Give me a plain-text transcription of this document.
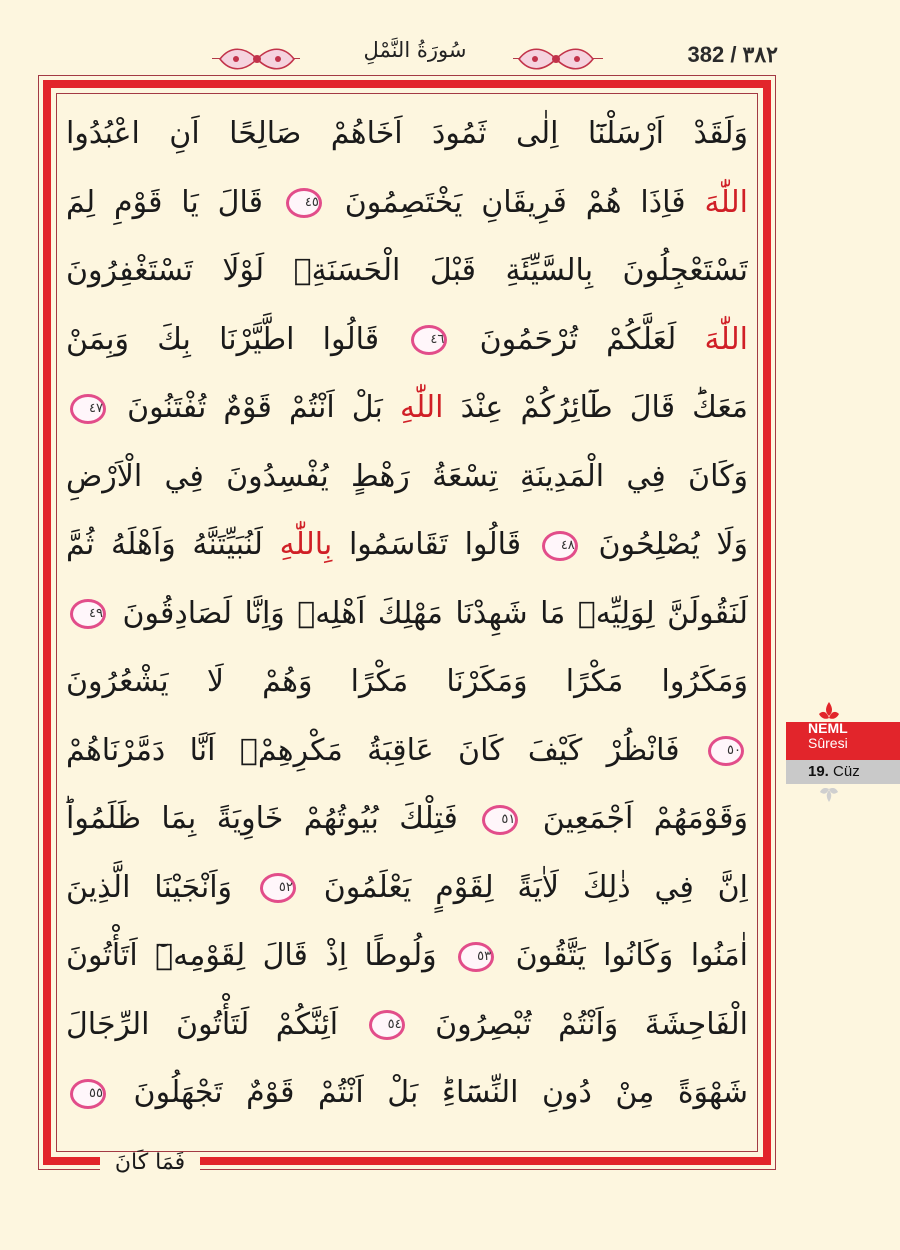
382 / ٣٨٢
سُورَةُ النَّمْلِ
وَلَقَدْ اَرْسَلْنَٓا اِلٰى ثَمُودَ اَخَاهُمْ صَالِحًا اَنِ اعْبُدُوا
اللّٰهَ فَاِذَا هُمْ فَرِيقَانِ يَخْتَصِمُونَ ٤٥ قَالَ يَا قَوْمِ لِمَ
تَسْتَعْجِلُونَ بِالسَّيِّئَةِ قَبْلَ الْحَسَنَةِۚ لَوْلَا تَسْتَغْفِرُونَ
اللّٰهَ لَعَلَّكُمْ تُرْحَمُونَ ٤٦ قَالُوا اطَّيَّرْنَا بِكَ وَبِمَنْ
مَعَكَؕ قَالَ طَٓائِرُكُمْ عِنْدَ اللّٰهِ بَلْ اَنْتُمْ قَوْمٌ تُفْتَنُونَ ٤٧
وَكَانَ فِي الْمَدِينَةِ تِسْعَةُ رَهْطٍ يُفْسِدُونَ فِي الْاَرْضِ
وَلَا يُصْلِحُونَ ٤٨ قَالُوا تَقَاسَمُوا بِاللّٰهِ لَنُبَيِّتَنَّهُ وَاَهْلَهُ ثُمَّ
لَنَقُولَنَّ لِوَلِيِّهٖ مَا شَهِدْنَا مَهْلِكَ اَهْلِهٖ وَاِنَّا لَصَادِقُونَ ٤٩
وَمَكَرُوا مَكْرًا وَمَكَرْنَا مَكْرًا وَهُمْ لَا يَشْعُرُونَ
٥٠ فَانْظُرْ كَيْفَ كَانَ عَاقِبَةُ مَكْرِهِمْۙ اَنَّا دَمَّرْنَاهُمْ
وَقَوْمَهُمْ اَجْمَعِينَ ٥١ فَتِلْكَ بُيُوتُهُمْ خَاوِيَةً بِمَا ظَلَمُواؕ
اِنَّ فِي ذٰلِكَ لَاٰيَةً لِقَوْمٍ يَعْلَمُونَ ٥٢ وَاَنْجَيْنَا الَّذِينَ
اٰمَنُوا وَكَانُوا يَتَّقُونَ ٥٣ وَلُوطًا اِذْ قَالَ لِقَوْمِهٖٓ اَتَأْتُونَ
الْفَاحِشَةَ وَاَنْتُمْ تُبْصِرُونَ ٥٤ اَئِنَّكُمْ لَتَأْتُونَ الرِّجَالَ
شَهْوَةً مِنْ دُونِ النِّسَٓاءِؕ بَلْ اَنْتُمْ قَوْمٌ تَجْهَلُونَ ٥٥
فَمَا كَانَ
NEML
Sûresi
19. Cüz
